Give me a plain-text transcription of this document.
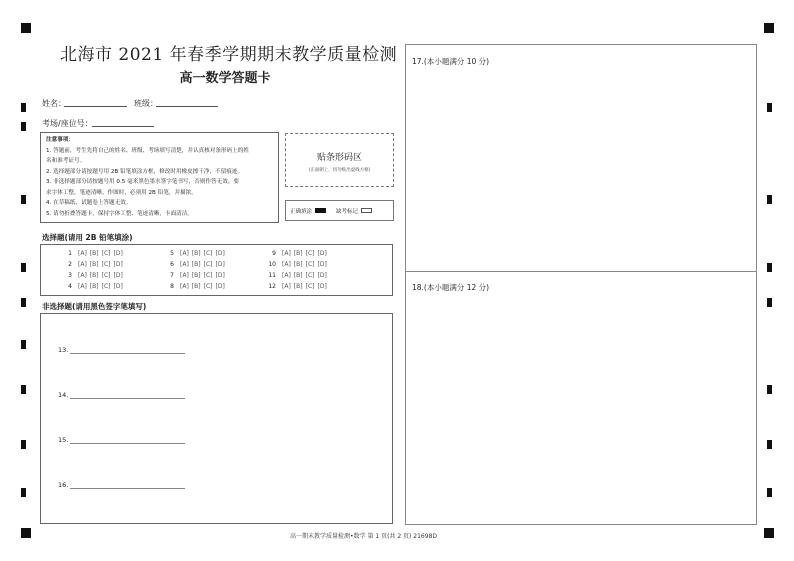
北海市 2021 年春季学期期末教学质量检测
高一数学答题卡
姓名：	班级：
考场/座位号：

注意事项：

1. 答题前，考生先将自己的姓名、班级、考场填写清楚，并认真核对条形码上的姓

名和准考证号。

2. 选择题部分请按题号用 2B 铅笔填涂方框，修改时用橡皮擦干净，不留痕迹。

3. 非选择题部分请按题号用 0.5 毫米黑色墨水签字笔书写，否则作答无效。要

求字体工整，笔迹清晰。作图时，必须用 2B 铅笔，并描浓。

4. 在草稿纸、试题卷上答题无效。

5. 请勿折叠答题卡，保持字体工整、笔迹清晰，卡面清洁。

贴条形码区
(正面朝上，切勿贴出虚线方框)
正确填涂	缺考标记
选择题(请用 2B 铅笔填涂)
1 [A] [B] [C] [D]
2 [A] [B] [C] [D]
3 [A] [B] [C] [D]
4 [A] [B] [C] [D]
5 [A] [B] [C] [D]
6 [A] [B] [C] [D]
7 [A] [B] [C] [D]
8 [A] [B] [C] [D]
9 [A] [B] [C] [D]
10 [A] [B] [C] [D]
11 [A] [B] [C] [D]
12 [A] [B] [C] [D]
非选择题(请用黑色签字笔填写)
13.
14.
15.
16.
17.(本小题满分 10 分)
18.(本小题满分 12 分)
高一期末教学质量检测•数学 第 1 页(共 2 页) 21698D
